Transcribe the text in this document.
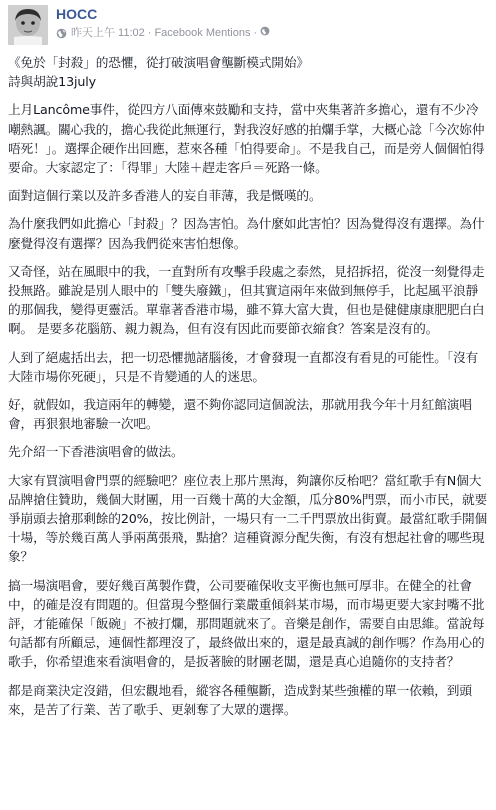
HOCC
昨天上午 11:02 · Facebook Mentions ·

《免於「封殺」的恐懼，從打破演唱會壟斷模式開始》

詩與胡說13july

上月Lancôme事件，從四方八面傳來鼓勵和支持，當中夾集著許多擔心，還有不少冷嘲熱諷。關心我的，擔心我從此無運行，對我沒好感的拍爛手掌，大概心諗「今次妳仲唔死！」。選擇企硬作出回應，惹來各種「怕得要命」。不是我自己，而是旁人個個怕得要命。大家認定了：「得罪」大陸＋趕走客戶＝死路一條。

面對這個行業以及許多香港人的妄自菲薄，我是慨嘆的。

為什麼我們如此擔心「封殺」？因為害怕。為什麼如此害怕？因為覺得沒有選擇。為什麼覺得沒有選擇？因為我們從來害怕想像。

又奇怪，站在風眼中的我，一直對所有攻擊手段處之泰然，見招拆招，從沒一刻覺得走投無路。雖說是別人眼中的「雙失廢鐵」，但其實這兩年來做到無停手，比起風平浪靜的那個我，變得更靈活。單靠著香港市場，雖不算大富大貴，但也是健健康康肥肥白白啊。 是要多花腦筋、親力親為，但有沒有因此而要節衣縮食？答案是沒有的。

人到了絕處括出去，把一切恐懼拋諸腦後，才會發現一直都沒有看見的可能性。「沒有大陸市場你死硬」，只是不肯變通的人的迷思。

好，就假如，我這兩年的轉變，還不夠你認同這個說法，那就用我今年十月紅館演唱會，再狠狠地審驗一次吧。

先介紹一下香港演唱會的做法。

大家有買演唱會門票的經驗吧？座位表上那片黑海，夠讓你反枱吧？當紅歌手有N個大品牌搶住贊助，幾個大財團，用一百幾十萬的大金額，瓜分80%門票，而小市民，就要爭崩頭去搶那剩餘的20%，按比例計，一場只有一二千門票放出街賣。最當紅歌手開個十場，等於幾百萬人爭兩萬張飛，點搶？這種資源分配失衡，有沒有想起社會的哪些現象？

搞一場演唱會，要好幾百萬製作費，公司要確保收支平衡也無可厚非。在健全的社會中，的確是沒有問題的。但當現今整個行業嚴重傾斜某市場，而市場更要大家封嘴不批評，才能確保「飯碗」不被打爛，那問題就來了。音樂是創作，需要自由思維。當說每句話都有所顧忌，連個性都理沒了，最終做出來的，還是最真誠的創作嗎？作為用心的歌手，你希望進來看演唱會的，是扳著臉的財團老闆，還是真心追隨你的支持者？

都是商業決定沒錯，但宏觀地看，縱容各種壟斷，造成對某些強權的單一依賴，到頭來，是苦了行業、苦了歌手、更剝奪了大眾的選擇。
